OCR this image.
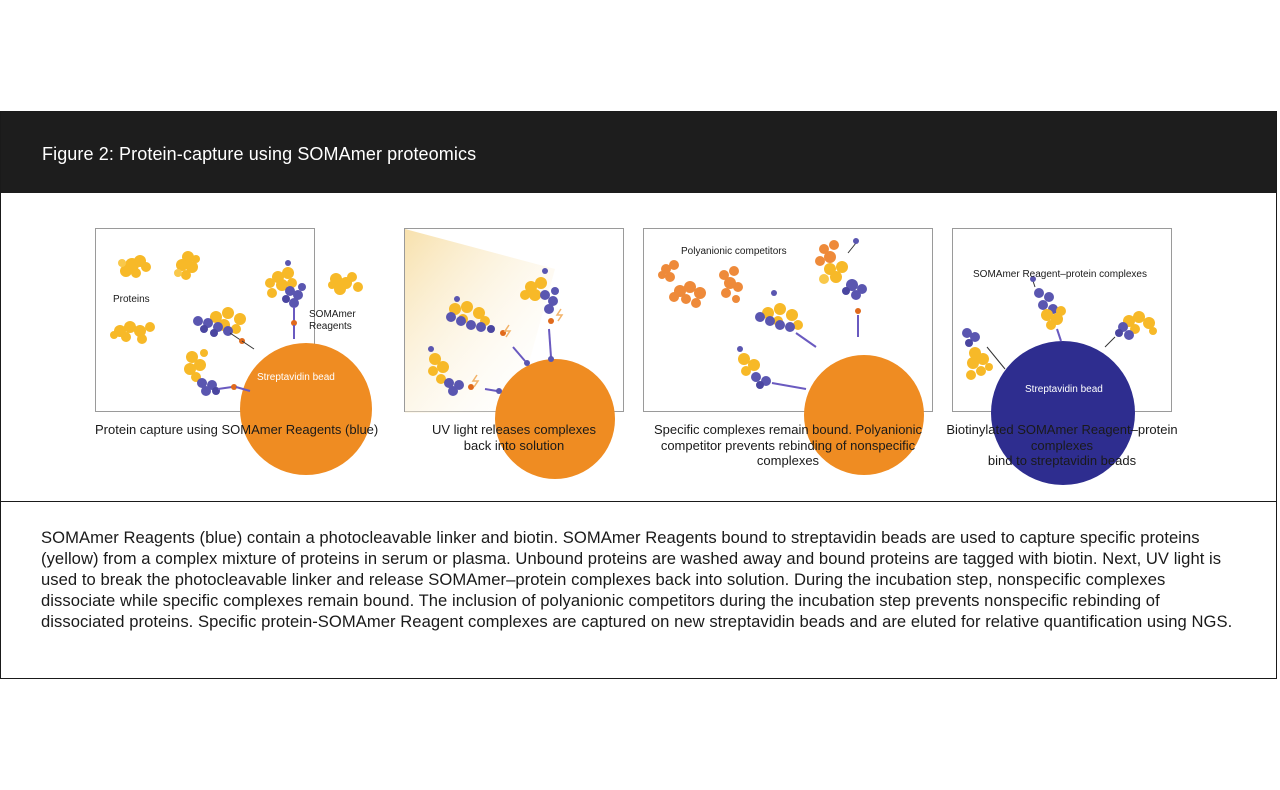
Figure 2: Protein-capture using SOMAmer proteomics
Proteins
SOMAmer
Reagents
Streptavidin bead
Protein capture using SOMAmer Reagents (blue)	UV light releases complexes
back into solution
Polyanionic competitors
Specific complexes remain bound. Polyanionic
competitor prevents rebinding of nonspecific
complexes
SOMAmer Reagent–protein complexes
Streptavidin bead
Biotinylated SOMAmer Reagent–protein
complexes
bind to streptavidin beads
SOMAmer Reagents (blue) contain a photocleavable linker and biotin. SOMAmer Reagents bound to streptavidin beads are used to capture specific proteins (yellow) from a complex mixture of proteins in serum or plasma. Unbound proteins are washed away and bound proteins are tagged with biotin. Next, UV light is used to break the photocleavable linker and release SOMAmer–protein complexes back into solution. During the incubation step, nonspecific complexes dissociate while specific complexes remain bound. The inclusion of polyanionic competitors during the incubation step prevents nonspecific rebinding of dissociated proteins. Specific protein-SOMAmer Reagent complexes are captured on new streptavidin beads and are eluted for relative quantification using NGS.
